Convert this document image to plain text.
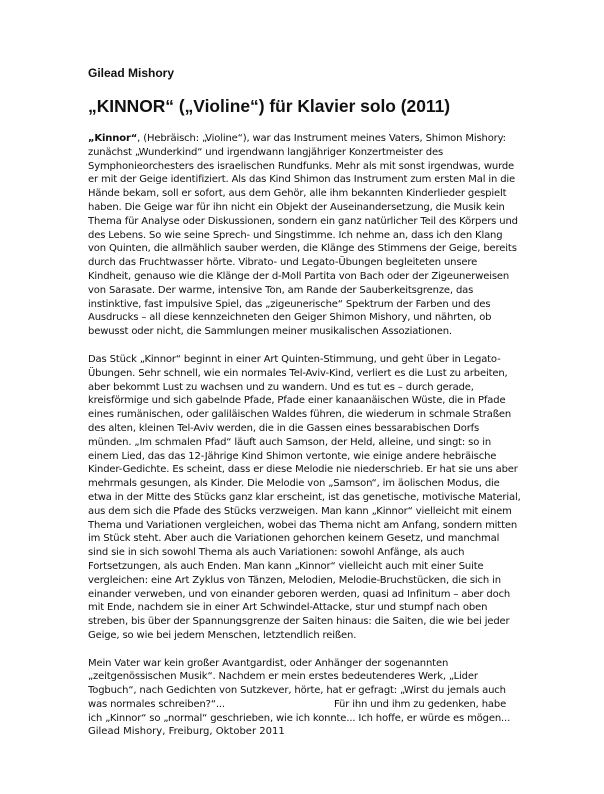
Gilead Mishory
„KINNOR“ („Violine“) für Klavier solo (2011)

„Kinnor“, (Hebräisch: „Violine“), war das Instrument meines Vaters, Shimon Mishory: zunächst „Wunderkind“ und irgendwann langjähriger Konzertmeister des Symphonieorchesters des israelischen Rundfunks. Mehr als mit sonst irgendwas, wurde er mit der Geige identifiziert. Als das Kind Shimon das Instrument zum ersten Mal in die Hände bekam, soll er sofort, aus dem Gehör, alle ihm bekannten Kinderlieder gespielt haben. Die Geige war für ihn nicht ein Objekt der Auseinandersetzung, die Musik kein Thema für Analyse oder Diskussionen, sondern ein ganz natürlicher Teil des Körpers und des Lebens. So wie seine Sprech- und Singstimme. Ich nehme an, dass ich den Klang von Quinten, die allmählich sauber werden, die Klänge des Stimmens der Geige, bereits durch das Fruchtwasser hörte. Vibrato- und Legato-Übungen begleiteten unsere Kindheit, genauso wie die Klänge der d-Moll Partita von Bach oder der Zigeunerweisen von Sarasate. Der warme, intensive Ton, am Rande der Sauberkeitsgrenze, das instinktive, fast impulsive Spiel, das „zigeunerische“ Spektrum der Farben und des Ausdrucks – all diese kennzeichneten den Geiger Shimon Mishory, und nährten, ob bewusst oder nicht, die Sammlungen meiner musikalischen Assoziationen.

Das Stück „Kinnor“ beginnt in einer Art Quinten-Stimmung, und geht über in Legato-Übungen. Sehr schnell, wie ein normales Tel-Aviv-Kind, verliert es die Lust zu arbeiten, aber bekommt Lust zu wachsen und zu wandern. Und es tut es – durch gerade, kreisförmige und sich gabelnde Pfade, Pfade einer kanaanäischen Wüste, die in Pfade eines rumänischen, oder galiläischen Waldes führen, die wiederum in schmale Straßen des alten, kleinen Tel-Aviv werden, die in die Gassen eines bessarabischen Dorfs münden. „Im schmalen Pfad“ läuft auch Samson, der Held, alleine, und singt: so in einem Lied, das das 12-Jährige Kind Shimon vertonte, wie einige andere hebräische Kinder-Gedichte. Es scheint, dass er diese Melodie nie niederschrieb. Er hat sie uns aber mehrmals gesungen, als Kinder. Die Melodie von „Samson“, im äolischen Modus, die etwa in der Mitte des Stücks ganz klar erscheint, ist das genetische, motivische Material, aus dem sich die Pfade des Stücks verzweigen. Man kann „Kinnor“ vielleicht mit einem Thema und Variationen vergleichen, wobei das Thema nicht am Anfang, sondern mitten im Stück steht. Aber auch die Variationen gehorchen keinem Gesetz, und manchmal sind sie in sich sowohl Thema als auch Variationen: sowohl Anfänge, als auch Fortsetzungen, als auch Enden. Man kann „Kinnor“ vielleicht auch mit einer Suite vergleichen: eine Art Zyklus von Tänzen, Melodien, Melodie-Bruchstücken, die sich in einander verweben, und von einander geboren werden, quasi ad Infinitum – aber doch mit Ende, nachdem sie in einer Art Schwindel-Attacke, stur und stumpf nach oben streben, bis über der Spannungsgrenze der Saiten hinaus: die Saiten, die wie bei jeder Geige, so wie bei jedem Menschen, letztendlich reißen.

Mein Vater war kein großer Avantgardist, oder Anhänger der sogenannten „zeitgenössischen Musik“. Nachdem er mein erstes bedeutenderes Werk, „Lider Togbuch“, nach Gedichten von Sutzkever, hörte, hat er gefragt: „Wirst du jemals auch was normales schreiben?“...                                    Für ihn und ihm zu gedenken, habe ich „Kinnor“ so „normal“ geschrieben, wie ich konnte... Ich hoffe, er würde es mögen...

Gilead Mishory, Freiburg, Oktober 2011
